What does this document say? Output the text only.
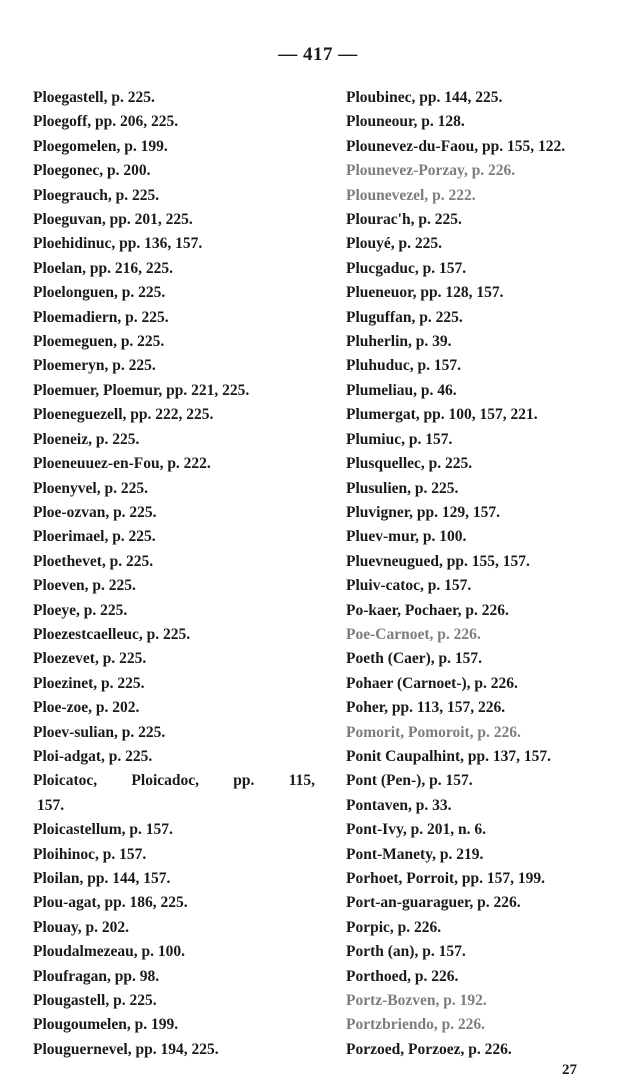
— 417 —
Ploegastell, p. 225.
Ploegoff, pp. 206, 225.
Ploegomelen, p. 199.
Ploegonec, p. 200.
Ploegrauch, p. 225.
Ploeguvan, pp. 201, 225.
Ploehidinuc, pp. 136, 157.
Ploelan, pp. 216, 225.
Ploelonguen, p. 225.
Ploemadiern, p. 225.
Ploemeguen, p. 225.
Ploemeryn, p. 225.
Ploemuer, Ploemur, pp. 221, 225.
Ploeneguezell, pp. 222, 225.
Ploeneiz, p. 225.
Ploeneuuez-en-Fou, p. 222.
Ploenyvel, p. 225.
Ploe-ozvan, p. 225.
Ploerimael, p. 225.
Ploethevet, p. 225.
Ploeven, p. 225.
Ploeye, p. 225.
Ploezestcaelleuc, p. 225.
Ploezevet, p. 225.
Ploezinet, p. 225.
Ploe-zoe, p. 202.
Ploev-sulian, p. 225.
Ploi-adgat, p. 225.
Ploicatoc, Ploicadoc, pp. 115,
157.
Ploicastellum, p. 157.
Ploihinoc, p. 157.
Ploilan, pp. 144, 157.
Plou-agat, pp. 186, 225.
Plouay, p. 202.
Ploudalmezeau, p. 100.
Ploufragan, pp. 98.
Plougastell, p. 225.
Plougoumelen, p. 199.
Plouguernevel, pp. 194, 225.
Ploubinec, pp. 144, 225.
Plouneour, p. 128.
Plounevez-du-Faou, pp. 155, 122.
Plounevez-Porzay, p. 226.
Plounevezel, p. 222.
Plourac'h, p. 225.
Plouyé, p. 225.
Plucgaduc, p. 157.
Plueneuor, pp. 128, 157.
Pluguffan, p. 225.
Pluherlin, p. 39.
Pluhuduc, p. 157.
Plumeliau, p. 46.
Plumergat, pp. 100, 157, 221.
Plumiuc, p. 157.
Plusquellec, p. 225.
Plusulien, p. 225.
Pluvigner, pp. 129, 157.
Pluev-mur, p. 100.
Pluevneugued, pp. 155, 157.
Pluiv-catoc, p. 157.
Po-kaer, Pochaer, p. 226.
Poe-Carnoet, p. 226.
Poeth (Caer), p. 157.
Pohaer (Carnoet-), p. 226.
Poher, pp. 113, 157, 226.
Pomorit, Pomoroit, p. 226.
Ponit Caupalhint, pp. 137, 157.
Pont (Pen-), p. 157.
Pontaven, p. 33.
Pont-Ivy, p. 201, n. 6.
Pont-Manety, p. 219.
Porhoet, Porroit, pp. 157, 199.
Port-an-guaraguer, p. 226.
Porpic, p. 226.
Porth (an), p. 157.
Porthoed, p. 226.
Portz-Bozven, p. 192.
Portzbriendo, p. 226.
Porzoed, Porzoez, p. 226.
27
